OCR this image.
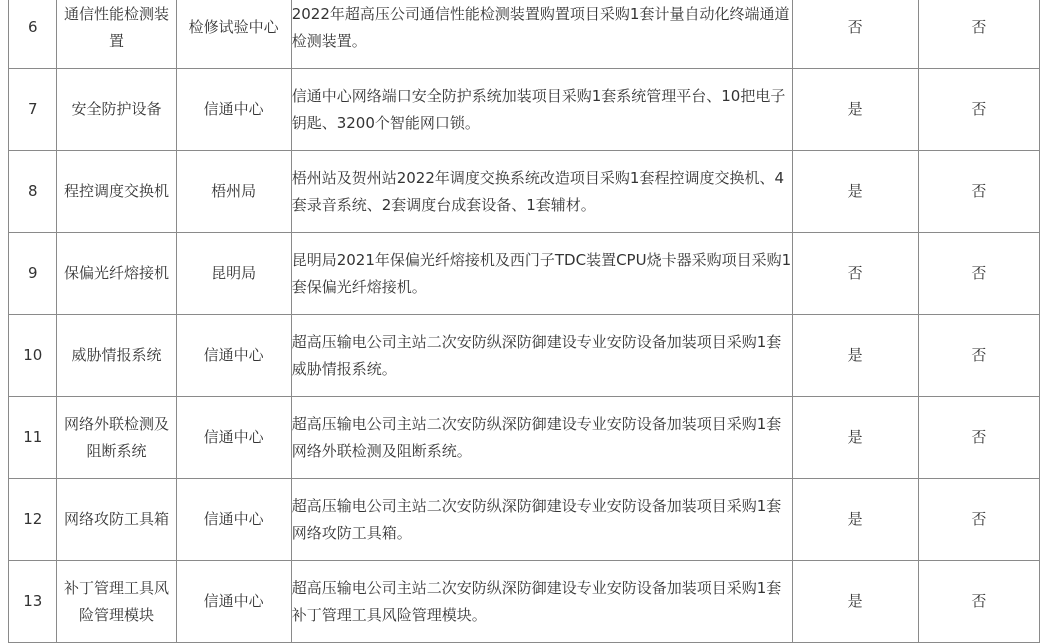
6	通信性能检测装置	检修试验中心	2022年超高压公司通信性能检测装置购置项目采购1套计量自动化终端通道检测装置。	否	否
7	安全防护设备	信通中心	信通中心网络端口安全防护系统加装项目采购1套系统管理平台、10把电子钥匙、3200个智能网口锁。	是	否
8	程控调度交换机	梧州局	梧州站及贺州站2022年调度交换系统改造项目采购1套程控调度交换机、4套录音系统、2套调度台成套设备、1套辅材。	是	否
9	保偏光纤熔接机	昆明局	昆明局2021年保偏光纤熔接机及西门子TDC装置CPU烧卡器采购项目采购1套保偏光纤熔接机。	否	否
10	威胁情报系统	信通中心	超高压输电公司主站二次安防纵深防御建设专业安防设备加装项目采购1套威胁情报系统。	是	否
11	网络外联检测及阻断系统	信通中心	超高压输电公司主站二次安防纵深防御建设专业安防设备加装项目采购1套网络外联检测及阻断系统。	是	否
12	网络攻防工具箱	信通中心	超高压输电公司主站二次安防纵深防御建设专业安防设备加装项目采购1套网络攻防工具箱。	是	否
13	补丁管理工具风险管理模块	信通中心	超高压输电公司主站二次安防纵深防御建设专业安防设备加装项目采购1套补丁管理工具风险管理模块。	是	否
